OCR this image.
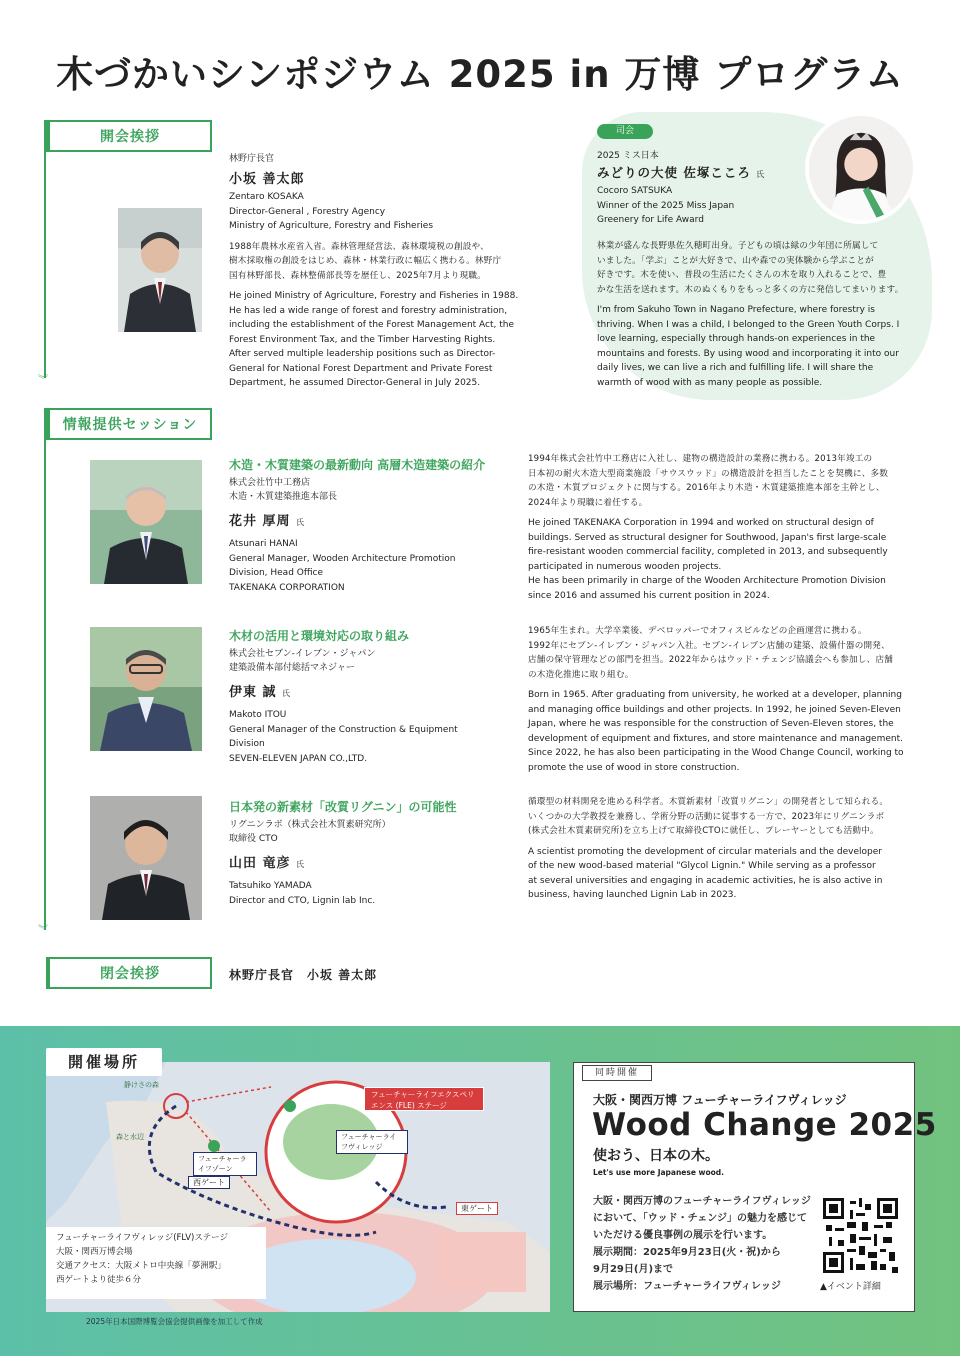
木づかいシンポジウム 2025 in 万博 プログラム
︾
開会挨拶
林野庁長官
小坂 善太郎
Zentaro KOSAKA
Director-General , Forestry Agency
Ministry of Agriculture, Forestry and Fisheries
1988年農林水産省入省。森林管理経営法、森林環境税の創設や、
樹木採取権の創設をはじめ、森林・林業行政に幅広く携わる。林野庁
国有林野部長、森林整備部長等を歴任し、2025年7月より現職。
He joined Ministry of Agriculture, Forestry and Fisheries in 1988.
He has led a wide range of forest and forestry administration,
including the establishment of the Forest Management Act, the
Forest Environment Tax, and the Timber Harvesting Rights.
After served multiple leadership positions such as Director-
General for National Forest Department and Private Forest
Department, he assumed Director-General in July 2025.
司会
2025 ミス日本
みどりの大使 佐塚こころ 氏
Cocoro SATSUKA
Winner of the 2025 Miss Japan
Greenery for Life Award
林業が盛んな長野県佐久穂町出身。子どもの頃は緑の少年団に所属して
いました。「学ぶ」ことが大好きで、山や森での実体験から学ぶことが
好きです。木を使い、普段の生活にたくさんの木を取り入れることで、豊
かな生活を送れます。木のぬくもりをもっと多くの方に発信してまいります。
I'm from Sakuho Town in Nagano Prefecture, where forestry is
thriving. When I was a child, I belonged to the Green Youth Corps. I
love learning, especially through hands-on experiences in the
mountains and forests. By using wood and incorporating it into our
daily lives, we can live a rich and fulfilling life. I will share the
warmth of wood with as many people as possible.
︾
情報提供セッション
木造・木質建築の最新動向 高層木造建築の紹介
株式会社竹中工務店
木造・木質建築推進本部長
花井 厚周 氏
Atsunari HANAI
General Manager, Wooden Architecture Promotion
Division, Head Office
TAKENAKA CORPORATION
1994年株式会社竹中工務店に入社し、建物の構造設計の業務に携わる。2013年竣工の
日本初の耐火木造大型商業施設「サウスウッド」の構造設計を担当したことを契機に、多数
の木造・木質プロジェクトに関与する。2016年より木造・木質建築推進本部を主幹とし、
2024年より現職に着任する。
He joined TAKENAKA Corporation in 1994 and worked on structural design of
buildings. Served as structural designer for Southwood, Japan's first large-scale
fire-resistant wooden commercial facility, completed in 2013, and subsequently
participated in numerous wooden projects.
He has been primarily in charge of the Wooden Architecture Promotion Division
since 2016 and assumed his current position in 2024.
木材の活用と環境対応の取り組み
株式会社セブン-イレブン・ジャパン
建築設備本部付総括マネジャー
伊東 誠 氏
Makoto ITOU
General Manager of the Construction & Equipment
Division
SEVEN-ELEVEN JAPAN CO.,LTD.
1965年生まれ。大学卒業後、デベロッパーでオフィスビルなどの企画運営に携わる。
1992年にセブン-イレブン・ジャパン入社。セブン-イレブン店舗の建築、設備什器の開発、
店舗の保守管理などの部門を担当。2022年からはウッド・チェンジ協議会へも参加し、店舗
の木造化推進に取り組む。
Born in 1965. After graduating from university, he worked at a developer, planning
and managing office buildings and other projects. In 1992, he joined Seven-Eleven
Japan, where he was responsible for the construction of Seven-Eleven stores, the
development of equipment and fixtures, and store maintenance and management.
Since 2022, he has also been participating in the Wood Change Council, working to
promote the use of wood in store construction.
日本発の新素材「改質リグニン」の可能性
リグニンラボ（株式会社木質素研究所）
取締役 CTO
山田 竜彦 氏
Tatsuhiko YAMADA
Director and CTO, Lignin lab Inc.
循環型の材料開発を進める科学者。木質新素材「改質リグニン」の開発者として知られる。
いくつかの大学教授を兼務し、学術分野の活動に従事する一方で、2023年にリグニンラボ
(株式会社木質素研究所)を立ち上げて取締役CTOに就任し、プレーヤーとしても活動中。
A scientist promoting the development of circular materials and the developer
of the new wood-based material "Glycol Lignin." While serving as a professor
at several universities and engaging in academic activities, he is also active in
business, having launched Lignin Lab in 2023.
閉会挨拶	林野庁長官　小坂 善太郎
フューチャーライフエクスペリエンス (FLE) ステージ
フューチャーライフヴィレッジ
フューチャーライフゾーン
西ゲート
東ゲート
静けさの森
森と水辺
開催場所
フューチャーライフヴィレッジ(FLV)ステージ
大阪・関西万博会場
交通アクセス：大阪メトロ中央線「夢洲駅」
西ゲートより徒歩６分
2025年日本国際博覧会協会提供画像を加工して作成
同時開催
大阪・関西万博 フューチャーライフヴィレッジ
Wood Change 2025
使おう、日本の木。
Let's use more Japanese wood.
大阪・関西万博のフューチャーライフヴィレッジ
において、「ウッド・チェンジ」の魅力を感じて
いただける優良事例の展示を行います。
展示期間：2025年9月23日(火・祝)から
9月29日(月)まで
展示場所：フューチャーライフヴィレッジ	▲イベント詳細
